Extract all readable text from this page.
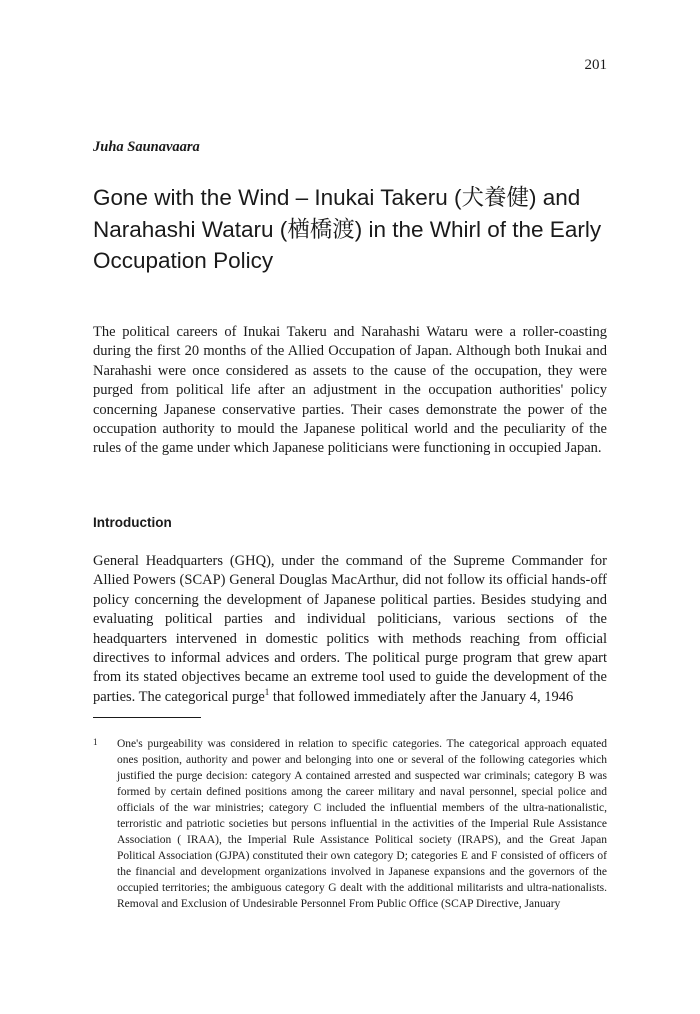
201
Juha Saunavaara
Gone with the Wind – Inukai Takeru (犬養健) and Narahashi Wataru (楢橋渡) in the Whirl of the Early Occupation Policy

The political careers of Inukai Takeru and Narahashi Wataru were a roller-coasting during the first 20 months of the Allied Occupation of Japan. Although both Inukai and Narahashi were once considered as assets to the cause of the occupation, they were purged from political life after an adjustment in the occupation authorities' policy concerning Japanese conservative parties. Their cases demonstrate the power of the occupation authority to mould the Japanese political world and the peculiarity of the rules of the game under which Japanese politicians were functioning in occupied Japan.

Introduction

General Headquarters (GHQ), under the command of the Supreme Commander for Allied Powers (SCAP) General Douglas MacArthur, did not follow its official hands-off policy concerning the development of Japanese political parties. Besides studying and evaluating political parties and individual politicians, various sections of the headquarters intervened in domestic politics with methods reaching from official directives to informal advices and orders. The political purge program that grew apart from its stated objectives became an extreme tool used to guide the development of the parties. The categorical purge$^1$ that followed immediately after the January 4, 1946

1 One's purgeability was considered in relation to specific categories. The categorical approach equated ones position, authority and power and belonging into one or several of the following categories which justified the purge decision: category A contained arrested and suspected war criminals; category B was formed by certain defined positions among the career military and naval personnel, special police and officials of the war ministries; category C included the influential members of the ultra-nationalistic, terroristic and patriotic societies but persons influential in the activities of the Imperial Rule Assistance Association ( IRAA), the Imperial Rule Assistance Political society (IRAPS), and the Great Japan Political Association (GJPA) constituted their own category D; categories E and F consisted of officers of the financial and development organizations involved in Japanese expansions and the governors of the occupied territories; the ambiguous category G dealt with the additional militarists and ultra-nationalists. Removal and Exclusion of Undesirable Personnel From Public Office (SCAP Directive, January
